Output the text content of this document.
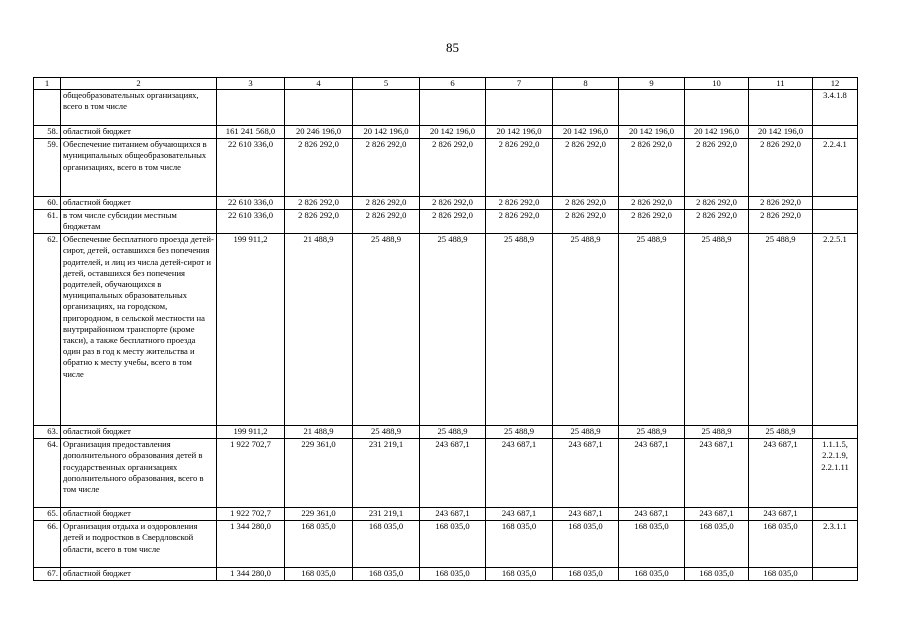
85
1	2	3	4	5	6	7	8	9	10	11	12
	общеобразовательных организациях, всего в том числе										3.4.1.8

58.	областной бюджет	161 241 568,0	20 246 196,0	20 142 196,0	20 142 196,0	20 142 196,0	20 142 196,0	20 142 196,0	20 142 196,0	20 142 196,0	
59.	Обеспечение питанием обучающихся в муниципальных общеобразовательных организациях, всего в том числе	22 610 336,0	2 826 292,0	2 826 292,0	2 826 292,0	2 826 292,0	2 826 292,0	2 826 292,0	2 826 292,0	2 826 292,0	2.2.4.1

60.	областной бюджет	22 610 336,0	2 826 292,0	2 826 292,0	2 826 292,0	2 826 292,0	2 826 292,0	2 826 292,0	2 826 292,0	2 826 292,0	
61.	в том числе субсидии местным бюджетам	22 610 336,0	2 826 292,0	2 826 292,0	2 826 292,0	2 826 292,0	2 826 292,0	2 826 292,0	2 826 292,0	2 826 292,0	
62.	Обеспечение бесплатного проезда детей-сирот, детей, оставшихся без попечения родителей, и лиц из числа детей-сирот и детей, оставшихся без попечения родителей, обучающихся в муниципальных образовательных организациях, на городском, пригородном, в сельской местности на внутрирайонном транспорте (кроме такси), а также бесплатного проезда один раз в год к месту жительства и обратно к месту учебы, всего в том числе	199 911,2	21 488,9	25 488,9	25 488,9	25 488,9	25 488,9	25 488,9	25 488,9	25 488,9	2.2.5.1

63.	областной бюджет	199 911,2	21 488,9	25 488,9	25 488,9	25 488,9	25 488,9	25 488,9	25 488,9	25 488,9	
64.	Организация предоставления дополнительного образования детей в государственных организациях дополнительного образования, всего в том числе	1 922 702,7	229 361,0	231 219,1	243 687,1	243 687,1	243 687,1	243 687,1	243 687,1	243 687,1	1.1.1.5,
2.2.1.9,
2.2.1.11

65.	областной бюджет	1 922 702,7	229 361,0	231 219,1	243 687,1	243 687,1	243 687,1	243 687,1	243 687,1	243 687,1	
66.	Организация отдыха и оздоровления детей и подростков в Свердловской области, всего в том числе	1 344 280,0	168 035,0	168 035,0	168 035,0	168 035,0	168 035,0	168 035,0	168 035,0	168 035,0	2.3.1.1

67.	областной бюджет	1 344 280,0	168 035,0	168 035,0	168 035,0	168 035,0	168 035,0	168 035,0	168 035,0	168 035,0	
